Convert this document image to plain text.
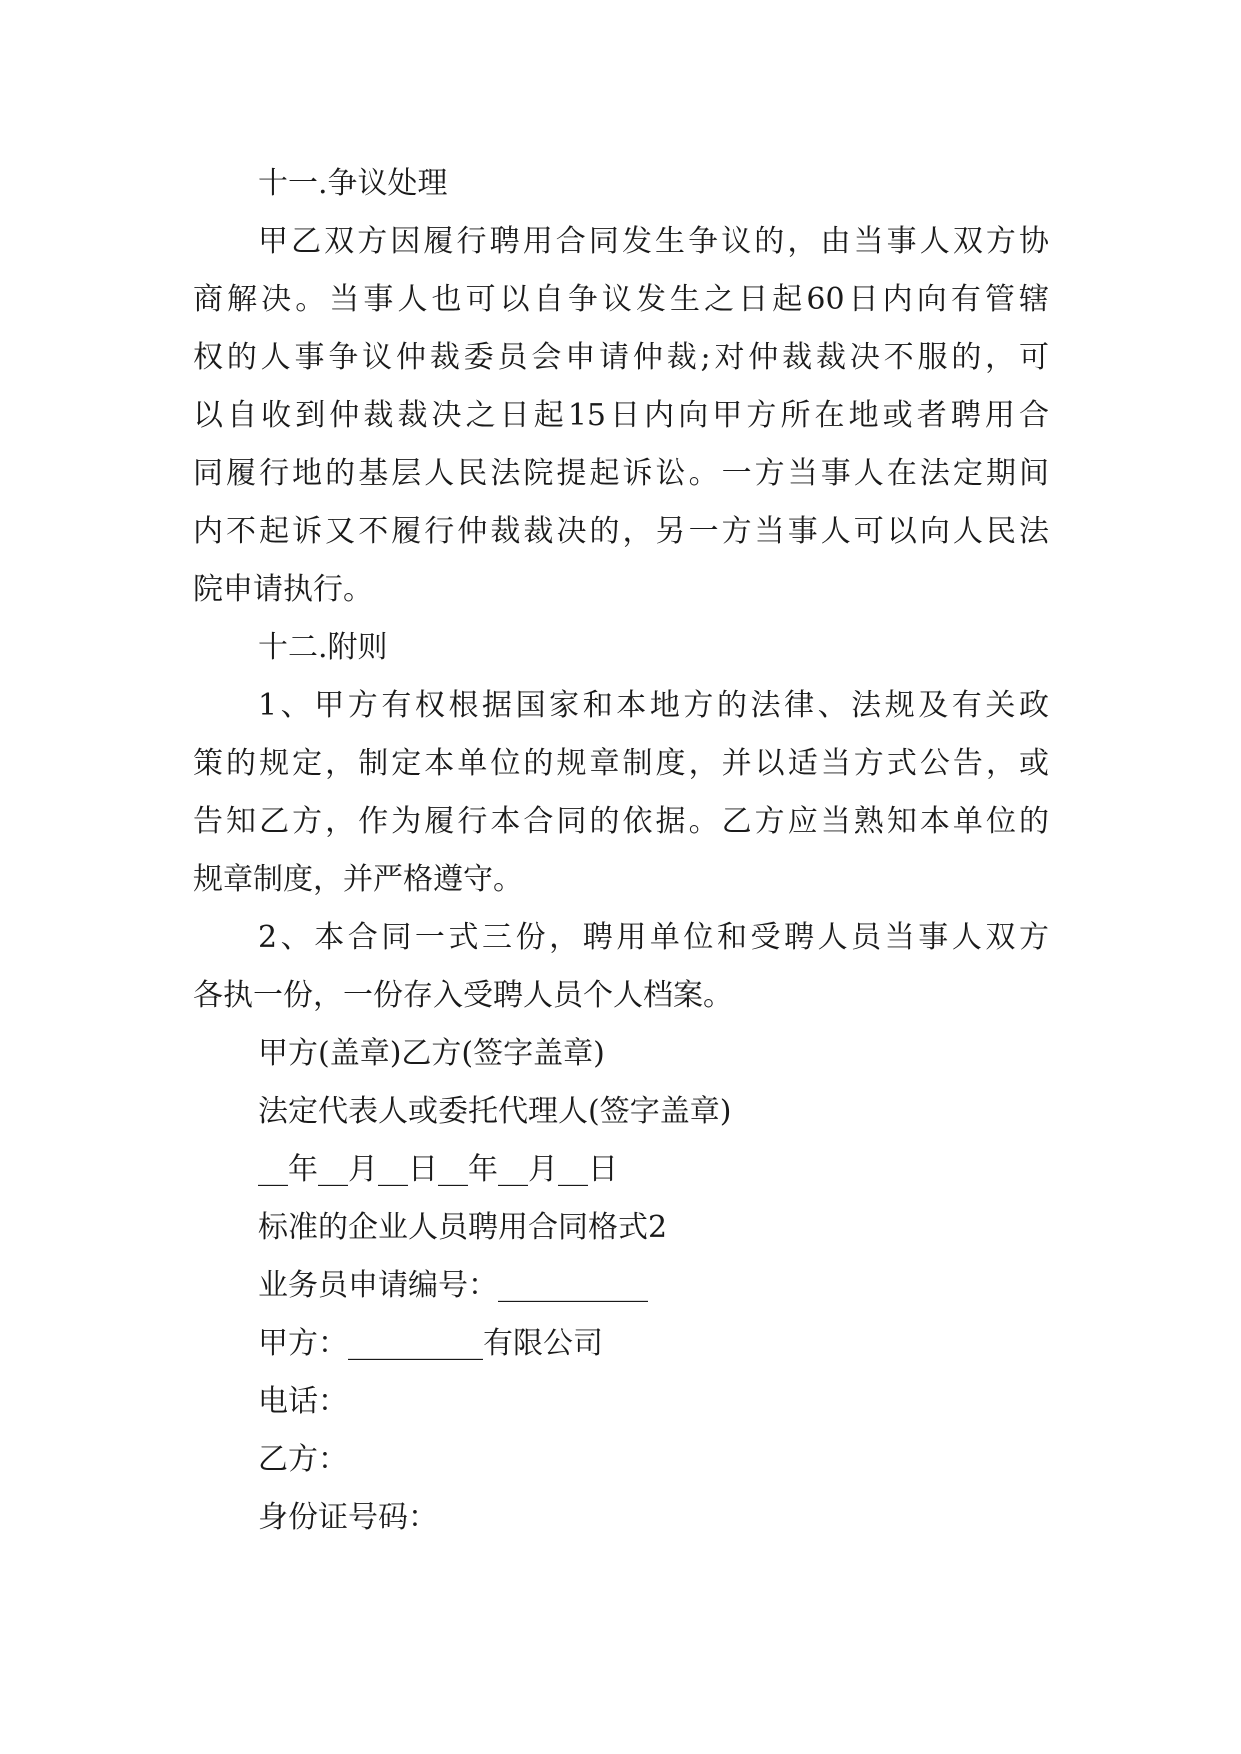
十一.争议处理
甲乙双方因履行聘用合同发生争议的，由当事人双方协
商解决。当事人也可以自争议发生之日起60日内向有管辖
权的人事争议仲裁委员会申请仲裁;对仲裁裁决不服的，可
以自收到仲裁裁决之日起15日内向甲方所在地或者聘用合
同履行地的基层人民法院提起诉讼。一方当事人在法定期间
内不起诉又不履行仲裁裁决的，另一方当事人可以向人民法
院申请执行。
十二.附则
1、甲方有权根据国家和本地方的法律、法规及有关政
策的规定，制定本单位的规章制度，并以适当方式公告，或
告知乙方，作为履行本合同的依据。乙方应当熟知本单位的
规章制度，并严格遵守。
2、本合同一式三份，聘用单位和受聘人员当事人双方
各执一份，一份存入受聘人员个人档案。
甲方(盖章)乙方(签字盖章)
法定代表人或委托代理人(签字盖章)
__年__月__日__年__月__日
标准的企业人员聘用合同格式2
业务员申请编号：__________
甲方：_________有限公司
电话：
乙方：
身份证号码：
